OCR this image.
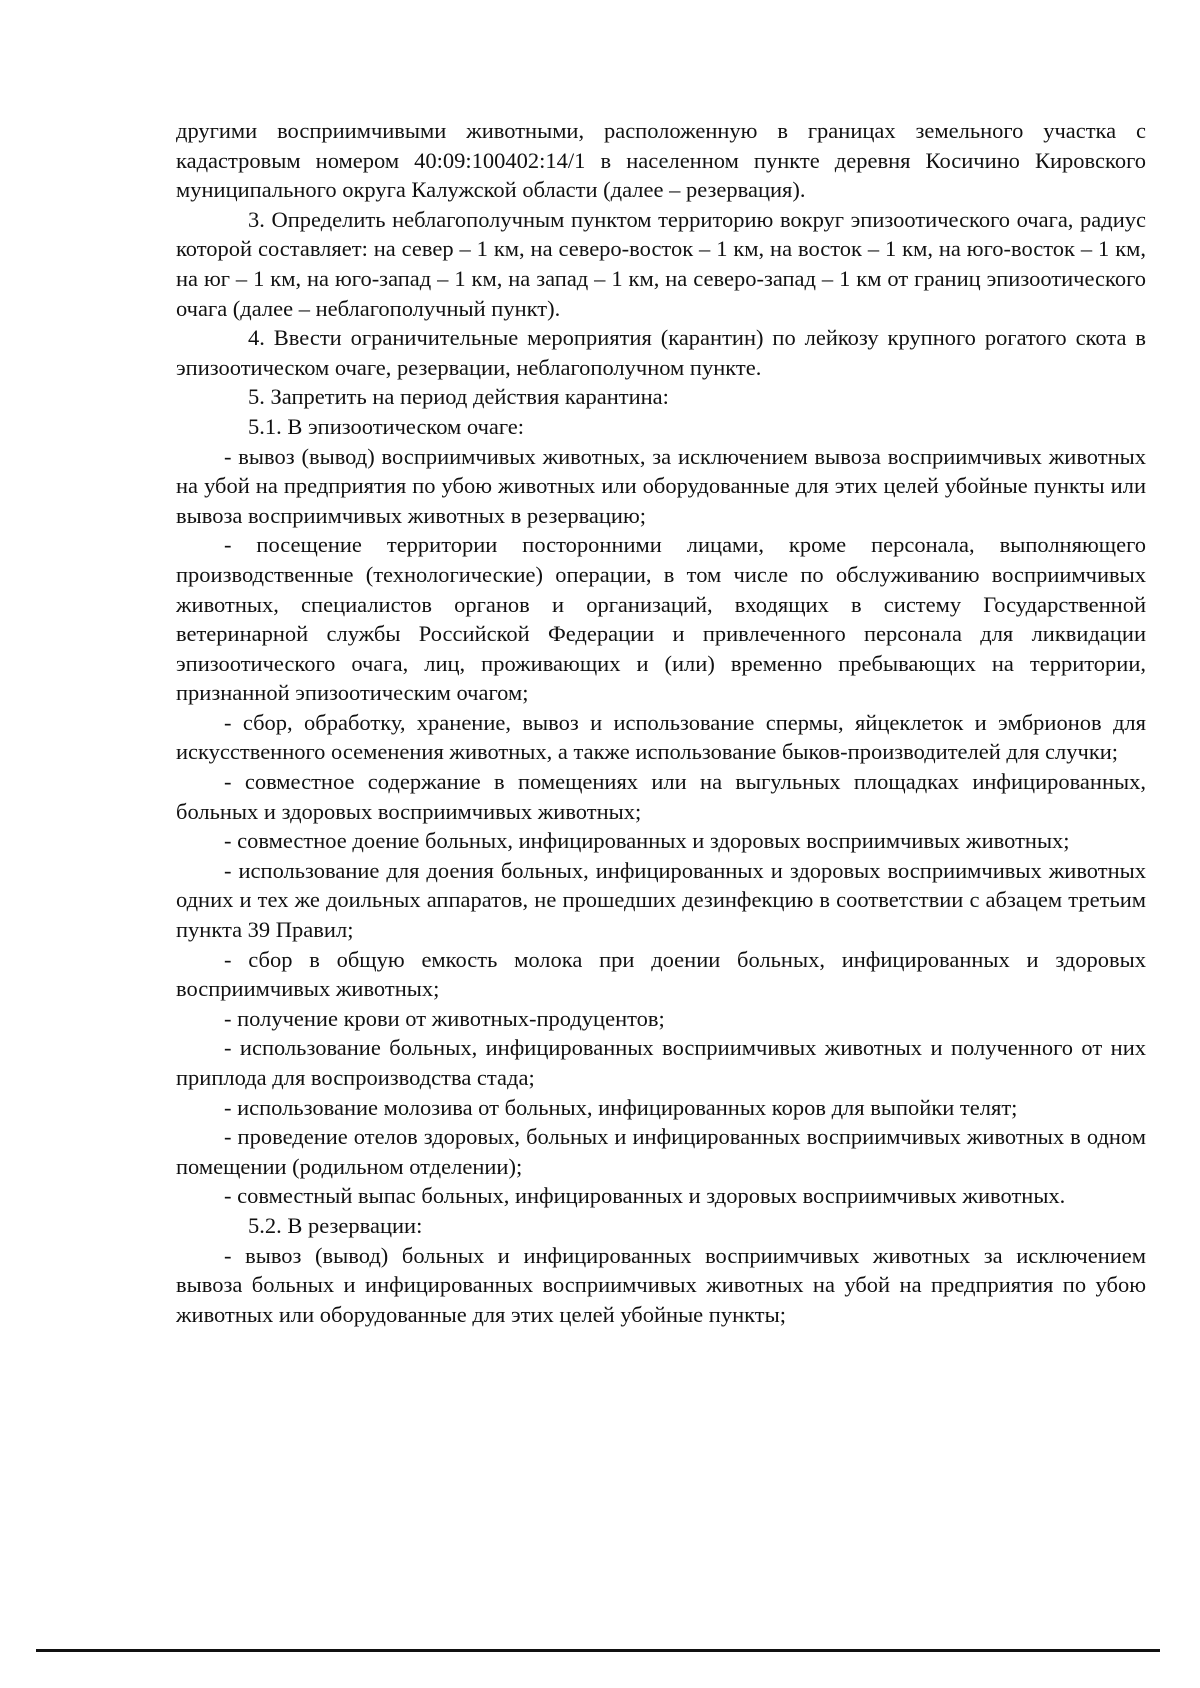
другими восприимчивыми животными, расположенную в границах земельного участка с кадастровым номером 40:09:100402:14/1 в населенном пункте деревня Косичино Кировского муниципального округа Калужской области (далее – резервация).

3. Определить неблагополучным пунктом территорию вокруг эпизоотического очага, радиус которой составляет: на север – 1 км, на северо-восток – 1 км, на восток – 1 км, на юго-восток – 1 км, на юг – 1 км, на юго-запад – 1 км, на запад – 1 км, на северо-запад – 1 км от границ эпизоотического очага (далее – неблагополучный пункт).

4. Ввести ограничительные мероприятия (карантин) по лейкозу крупного рогатого скота в эпизоотическом очаге, резервации, неблагополучном пункте.

5. Запретить на период действия карантина:

5.1. В эпизоотическом очаге:

- вывоз (вывод) восприимчивых животных, за исключением вывоза восприимчивых животных на убой на предприятия по убою животных или оборудованные для этих целей убойные пункты или вывоза восприимчивых животных в резервацию;

- посещение территории посторонними лицами, кроме персонала, выполняющего производственные (технологические) операции, в том числе по обслуживанию восприимчивых животных, специалистов органов и организаций, входящих в систему Государственной ветеринарной службы Российской Федерации и привлеченного персонала для ликвидации эпизоотического очага, лиц, проживающих и (или) временно пребывающих на территории, признанной эпизоотическим очагом;

- сбор, обработку, хранение, вывоз и использование спермы, яйцеклеток и эмбрионов для искусственного осеменения животных, а также использование быков-производителей для случки;

- совместное содержание в помещениях или на выгульных площадках инфицированных, больных и здоровых восприимчивых животных;

- совместное доение больных, инфицированных и здоровых восприимчивых животных;

- использование для доения больных, инфицированных и здоровых восприимчивых животных одних и тех же доильных аппаратов, не прошедших дезинфекцию в соответствии с абзацем третьим пункта 39 Правил;

- сбор в общую емкость молока при доении больных, инфицированных и здоровых восприимчивых животных;

- получение крови от животных-продуцентов;

- использование больных, инфицированных восприимчивых животных и полученного от них приплода для воспроизводства стада;

- использование молозива от больных, инфицированных коров для выпойки телят;

- проведение отелов здоровых, больных и инфицированных восприимчивых животных в одном помещении (родильном отделении);

- совместный выпас больных, инфицированных и здоровых восприимчивых животных.

5.2. В резервации:

- вывоз (вывод) больных и инфицированных восприимчивых животных за исключением вывоза больных и инфицированных восприимчивых животных на убой на предприятия по убою животных или оборудованные для этих целей убойные пункты;
